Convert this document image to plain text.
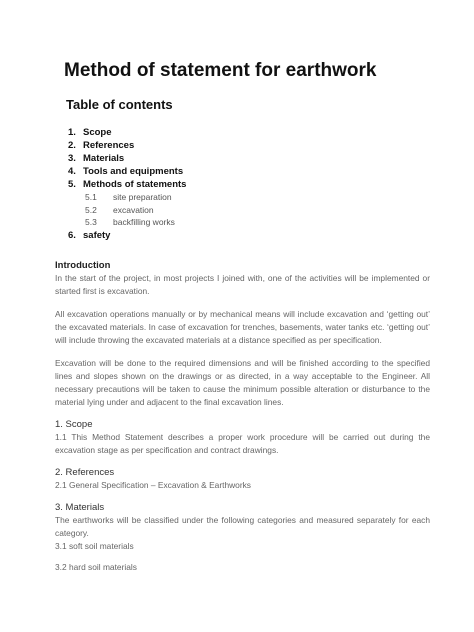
Method of statement for earthwork
Table of contents
1. Scope
2. References
3. Materials
4. Tools and equipments
5. Methods of statements
5.1	site preparation
5.2	excavation
5.3	backfilling works
6. safety

Introduction

In the start of the project, in most projects I joined with, one of the activities will be implemented or started first is excavation.

All excavation operations manually or by mechanical means will include excavation and ‘getting out’ the excavated materials. In case of excavation for trenches, basements, water tanks etc. ‘getting out’ will include throwing the excavated materials at a distance specified as per specification.

Excavation will be done to the required dimensions and will be finished according to the specified lines and slopes shown on the drawings or as directed, in a way acceptable to the Engineer. All necessary precautions will be taken to cause the minimum possible alteration or disturbance to the material lying under and adjacent to the final excavation lines.

1. Scope

1.1 This Method Statement describes a proper work procedure will be carried out during the excavation stage as per specification and contract drawings.

2. References

2.1 General Specification – Excavation & Earthworks

3. Materials

The earthworks will be classified under the following categories and measured separately for each category.

3.1 soft soil materials

3.2 hard soil materials
